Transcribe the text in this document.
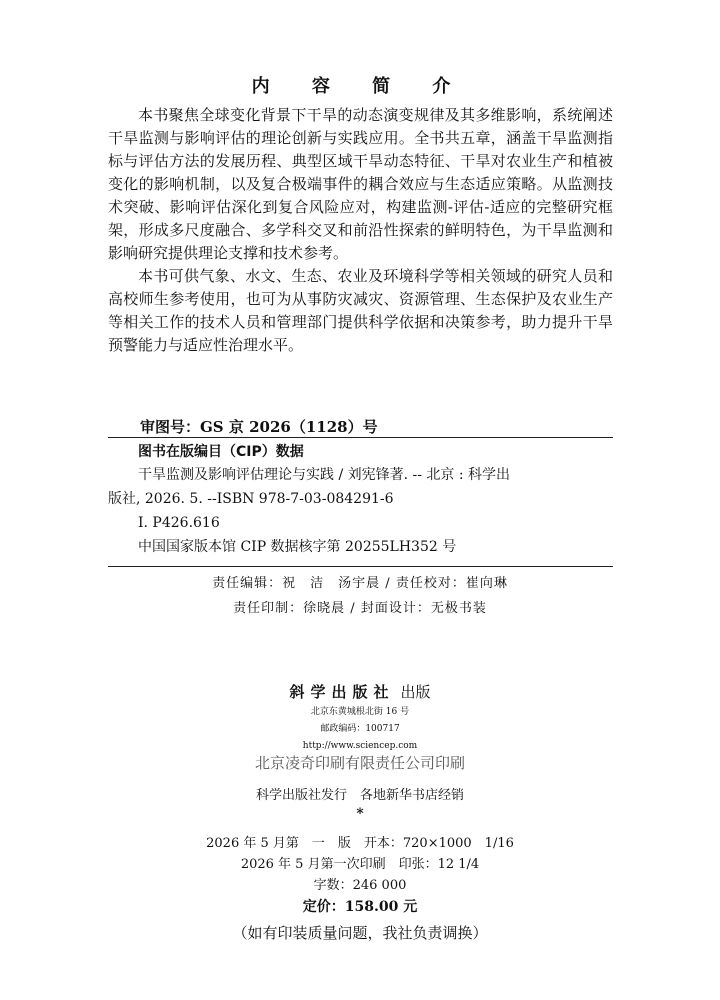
内 容 简 介

本书聚焦全球变化背景下干旱的动态演变规律及其多维影响，系统阐述干旱监测与影响评估的理论创新与实践应用。全书共五章，涵盖干旱监测指标与评估方法的发展历程、典型区域干旱动态特征、干旱对农业生产和植被变化的影响机制，以及复合极端事件的耦合效应与生态适应策略。从监测技术突破、影响评估深化到复合风险应对，构建监测-评估-适应的完整研究框架，形成多尺度融合、多学科交叉和前沿性探索的鲜明特色，为干旱监测和影响研究提供理论支撑和技术参考。

本书可供气象、水文、生态、农业及环境科学等相关领域的研究人员和高校师生参考使用，也可为从事防灾减灾、资源管理、生态保护及农业生产等相关工作的技术人员和管理部门提供科学依据和决策参考，助力提升干旱预警能力与适应性治理水平。

审图号：GS 京 2026（1128）号
图书在版编目（CIP）数据
干旱监测及影响评估理论与实践 / 刘宪锋著. -- 北京 : 科学出
版社, 2026. 5. --ISBN 978-7-03-084291-6
Ⅰ. P426.616
中国国家版本馆 CIP 数据核字第 20255LH352 号
责任编辑：祝　洁　汤宇晨 / 责任校对：崔向琳
责任印制：徐晓晨 / 封面设计：无极书装
斜学出版社 出版
北京东黄城根北街 16 号
邮政编码：100717
http://www.sciencep.com
北京凌奇印刷有限责任公司印刷
科学出版社发行　各地新华书店经销
*
2026 年 5 月第　一　版　开本：720×1000　1/16
2026 年 5 月第一次印刷　印张：12 1/4
字数：246 000
定价：158.00 元
（如有印装质量问题，我社负责调换）
